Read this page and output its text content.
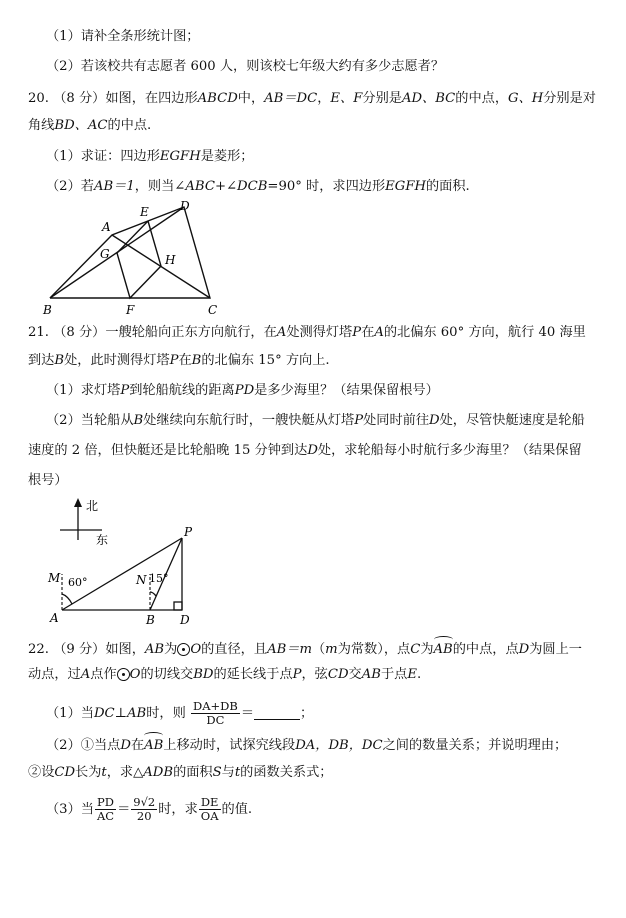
（1）请补全条形统计图；
（2）若该校共有志愿者 600 人，则该校七年级大约有多少志愿者？
20. （8 分）如图，在四边形ABCD中，AB＝DC，E、F分别是AD、BC的中点，G、H分别是对
角线BD、AC的中点.
（1）求证：四边形EGFH是菱形；
（2）若AB＝1，则当∠ABC+∠DCB=90° 时，求四边形EGFH的面积.
A
E	D
G	H
B	F	C
21. （8 分）一艘轮船向正东方向航行，在A处测得灯塔P在A的北偏东 60° 方向，航行 40 海里
到达B处，此时测得灯塔P在B的北偏东 15° 方向上.
（1）求灯塔P到轮船航线的距离PD是多少海里？（结果保留根号）
（2）当轮船从B处继续向东航行时，一艘快艇从灯塔P处同时前往D处，尽管快艇速度是轮船
速度的 2 倍，但快艇还是比轮船晚 15 分钟到达D处，求轮船每小时航行多少海里？（结果保留
根号）
北
东
M 60°	N 15°
P
A	B D
22. （9 分）如图，AB为 O的直径，且AB＝m（m为常数），点C为AB的中点，点D为圆上一
动点，过A点作 O的切线交BD的延长线于点P，弦CD交AB于点E.
（1）当DC⊥AB时，则 $\frac{DA+DB}{DC}$ ＝	；
（2）①当点D在AB上移动时，试探究线段DA，DB，DC之间的数量关系；并说明理由；
②设CD长为t，求△ADB的面积S与t的函数关系式；
（3）当 $\frac{PD}{AC} = \frac{9√2}{20}$ 时，求 $\frac{DE}{OA}$ 的值.
